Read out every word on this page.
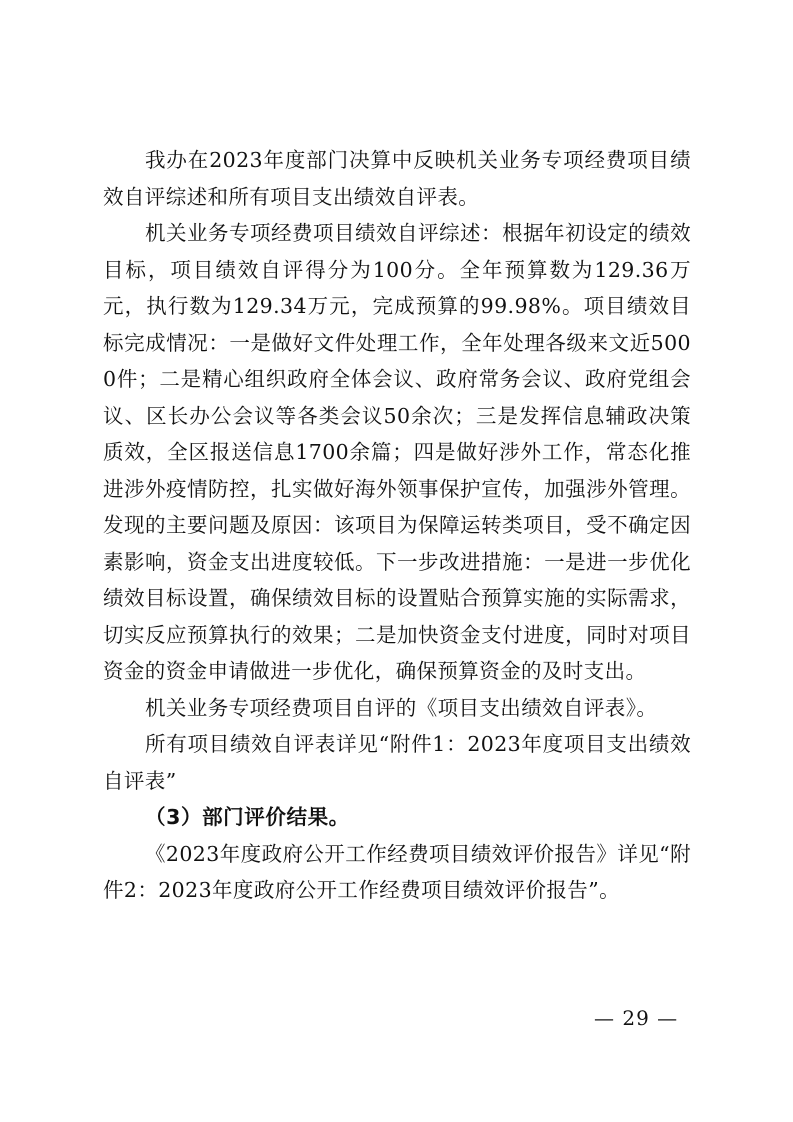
我办在2023年度部门决算中反映机关业务专项经费项目绩效自评综述和所有项目支出绩效自评表。

机关业务专项经费项目绩效自评综述：根据年初设定的绩效目标，项目绩效自评得分为100分。全年预算数为129.36万元，执行数为129.34万元，完成预算的99.98%。项目绩效目标完成情况：一是做好文件处理工作，全年处理各级来文近5000件；二是精心组织政府全体会议、政府常务会议、政府党组会议、区长办公会议等各类会议50余次；三是发挥信息辅政决策质效，全区报送信息1700余篇；四是做好涉外工作，常态化推进涉外疫情防控，扎实做好海外领事保护宣传，加强涉外管理。发现的主要问题及原因：该项目为保障运转类项目，受不确定因素影响，资金支出进度较低。下一步改进措施：一是进一步优化绩效目标设置，确保绩效目标的设置贴合预算实施的实际需求，切实反应预算执行的效果；二是加快资金支付进度，同时对项目资金的资金申请做进一步优化，确保预算资金的及时支出。

机关业务专项经费项目自评的《项目支出绩效自评表》。

所有项目绩效自评表详见“附件1：2023年度项目支出绩效自评表”

（3）部门评价结果。

《2023年度政府公开工作经费项目绩效评价报告》详见“附件2：2023年度政府公开工作经费项目绩效评价报告”。

— 29 —
